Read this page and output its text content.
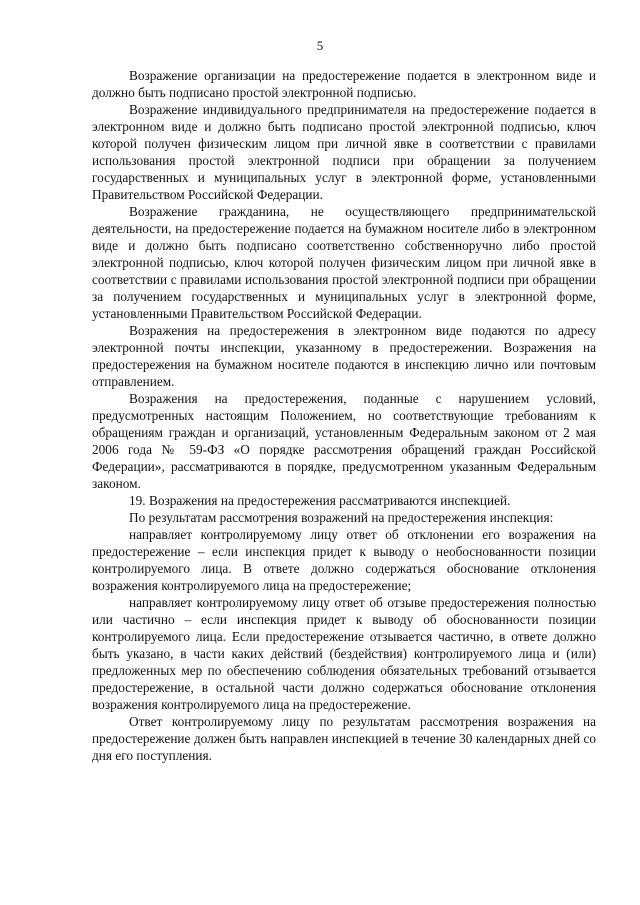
5

Возражение организации на предостережение подается в электронном виде и должно быть подписано простой электронной подписью.

Возражение индивидуального предпринимателя на предостережение подается в электронном виде и должно быть подписано простой электронной подписью, ключ которой получен физическим лицом при личной явке в соответствии с правилами использования простой электронной подписи при обращении за получением государственных и муниципальных услуг в электронной форме, установленными Правительством Российской Федерации.

Возражение гражданина, не осуществляющего предпринимательской деятельности, на предостережение подается на бумажном носителе либо в электронном виде и должно быть подписано соответственно собственноручно либо простой электронной подписью, ключ которой получен физическим лицом при личной явке в соответствии с правилами использования простой электронной подписи при обращении за получением государственных и муниципальных услуг в электронной форме, установленными Правительством Российской Федерации.

Возражения на предостережения в электронном виде подаются по адресу электронной почты инспекции, указанному в предостережении. Возражения на предостережения на бумажном носителе подаются в инспекцию лично или почтовым отправлением.

Возражения на предостережения, поданные с нарушением условий, предусмотренных настоящим Положением, но соответствующие требованиям к обращениям граждан и организаций, установленным Федеральным законом от 2 мая 2006 года № 59-ФЗ «О порядке рассмотрения обращений граждан Российской Федерации», рассматриваются в порядке, предусмотренном указанным Федеральным законом.

19. Возражения на предостережения рассматриваются инспекцией.

По результатам рассмотрения возражений на предостережения инспекция:

направляет контролируемому лицу ответ об отклонении его возражения на предостережение – если инспекция придет к выводу о необоснованности позиции контролируемого лица. В ответе должно содержаться обоснование отклонения возражения контролируемого лица на предостережение;

направляет контролируемому лицу ответ об отзыве предостережения полностью или частично – если инспекция придет к выводу об обоснованности позиции контролируемого лица. Если предостережение отзывается частично, в ответе должно быть указано, в части каких действий (бездействия) контролируемого лица и (или) предложенных мер по обеспечению соблюдения обязательных требований отзывается предостережение, в остальной части должно содержаться обоснование отклонения возражения контролируемого лица на предостережение.

Ответ контролируемому лицу по результатам рассмотрения возражения на предостережение должен быть направлен инспекцией в течение 30 календарных дней со дня его поступления.
